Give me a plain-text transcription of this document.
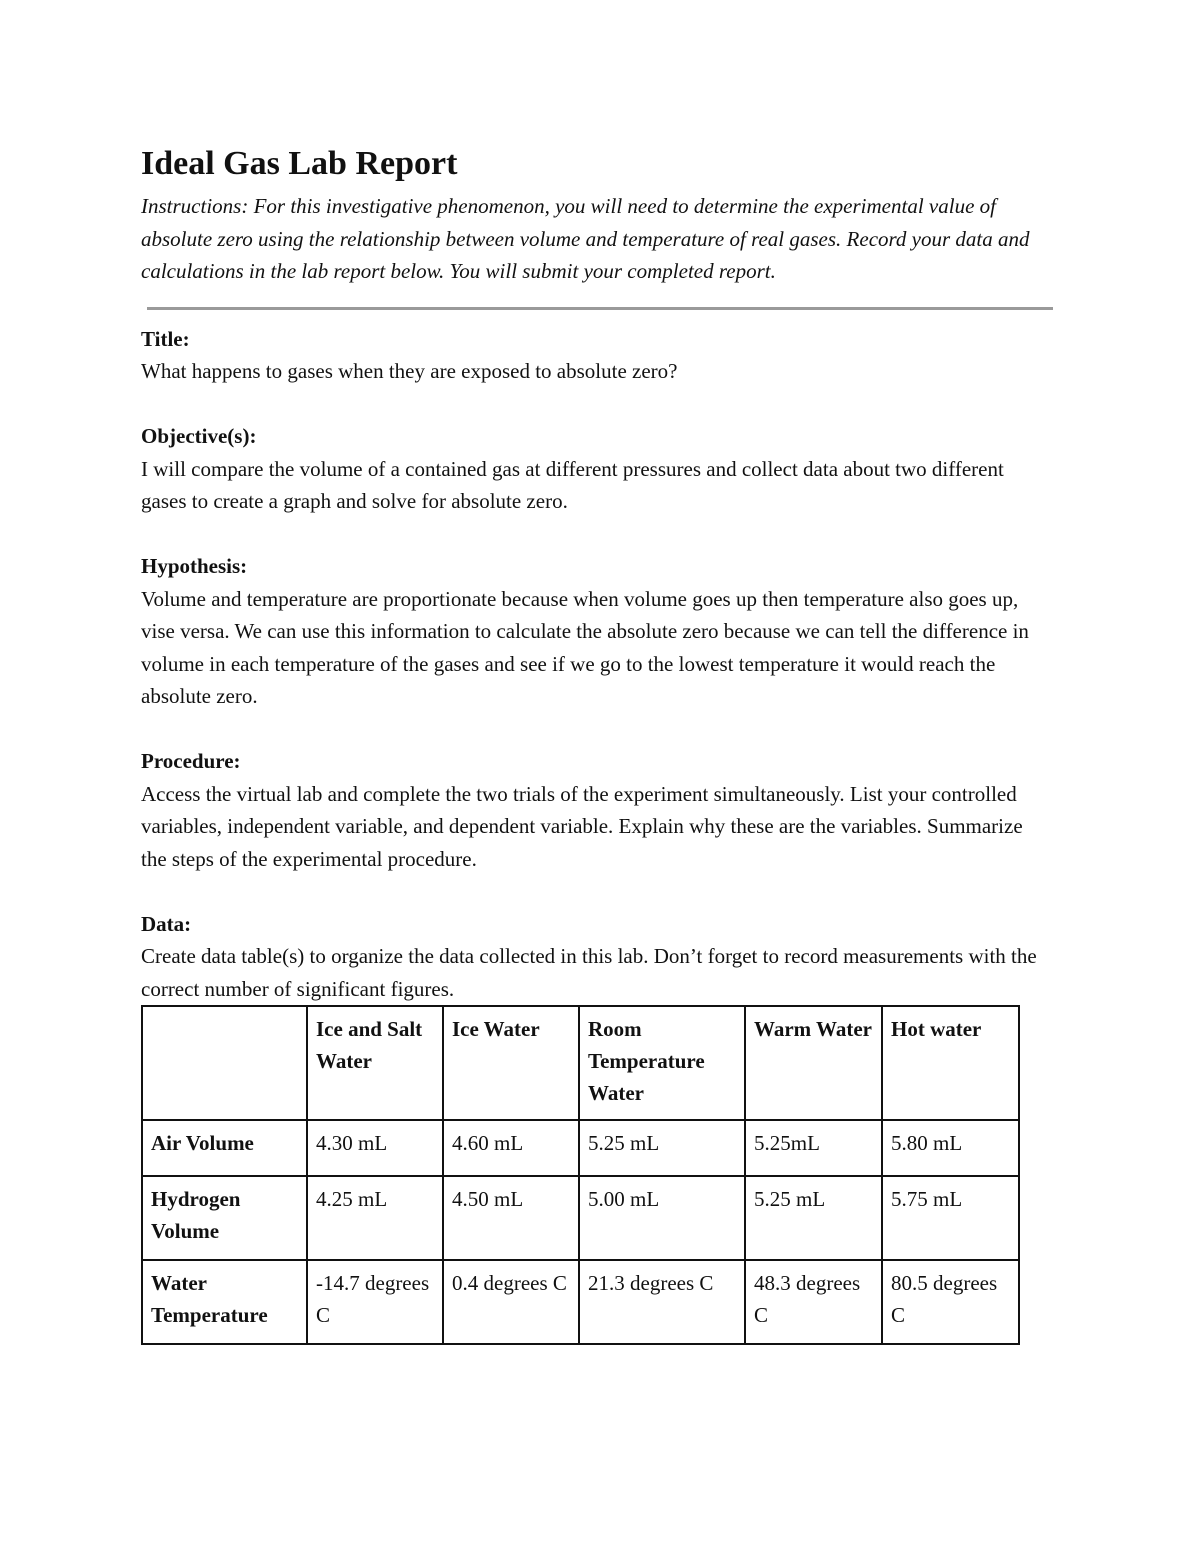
Ideal Gas Lab Report

Instructions: For this investigative phenomenon, you will need to determine the experimental value of absolute zero using the relationship between volume and temperature of real gases. Record your data and calculations in the lab report below. You will submit your completed report.

Title:
What happens to gases when they are exposed to absolute zero?
Objective(s):
I will compare the volume of a contained gas at different pressures and collect data about two different gases to create a graph and solve for absolute zero.
Hypothesis:
Volume and temperature are proportionate because when volume goes up then temperature also goes up, vise versa. We can use this information to calculate the absolute zero because we can tell the difference in volume in each temperature of the gases and see if we go to the lowest temperature it would reach the absolute zero.
Procedure:
Access the virtual lab and complete the two trials of the experiment simultaneously. List your controlled variables, independent variable, and dependent variable. Explain why these are the variables. Summarize the steps of the experimental procedure.
Data:
Create data table(s) to organize the data collected in this lab. Don’t forget to record measurements with the correct number of significant figures.
	Ice and Salt Water	Ice Water	Room Temperature Water	Warm Water	Hot water
Air Volume	4.30 mL	4.60 mL	5.25 mL	5.25mL	5.80 mL
Hydrogen Volume	4.25 mL	4.50 mL	5.00 mL	5.25 mL	5.75 mL
Water Temperature	-14.7 degrees C	0.4 degrees C	21.3 degrees C	48.3 degrees C	80.5 degrees C
